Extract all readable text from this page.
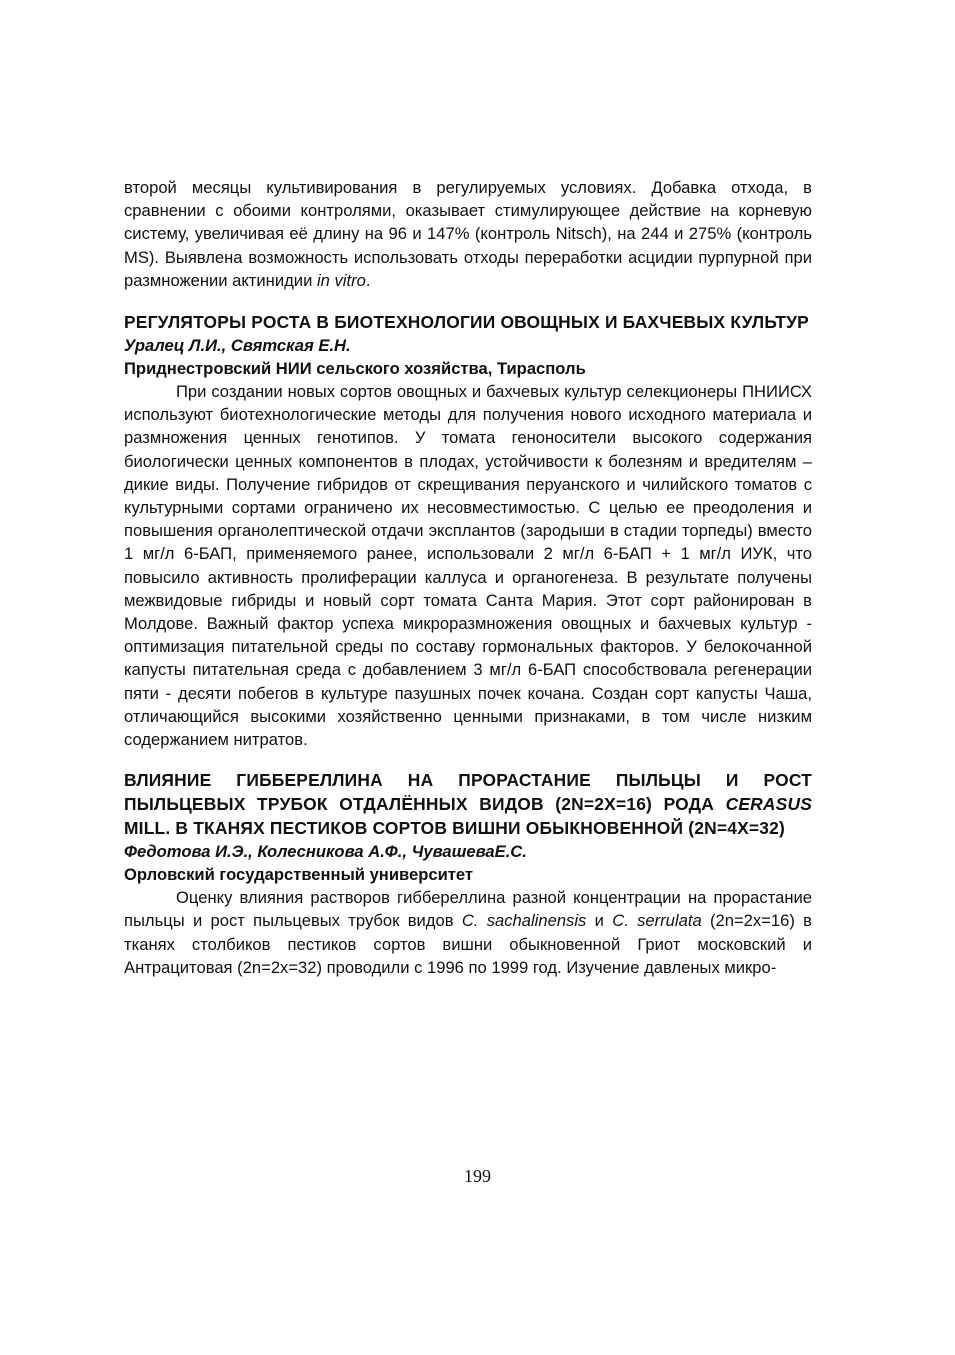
второй месяцы культивирования в регулируемых условиях. Добавка отхода, в сравнении с обоими контролями, оказывает стимулирующее действие на корневую систему, увеличивая её длину на 96 и 147% (контроль Nitsch), на 244 и 275% (контроль MS). Выявлена возможность использовать отходы переработки асцидии пурпурной при размножении актинидии in vitro.

РЕГУЛЯТОРЫ РОСТА В БИОТЕХНОЛОГИИ ОВОЩНЫХ И БАХЧЕВЫХ КУЛЬТУР

Уралец Л.И., Святская Е.Н.

Приднестровский НИИ сельского хозяйства, Тирасполь

При создании новых сортов овощных и бахчевых культур селекционеры ПНИИСХ используют биотехнологические методы для получения нового исходного материала и размножения ценных генотипов. У томата геноносители высокого содержания биологически ценных компонентов в плодах, устойчивости к болезням и вредителям – дикие виды. Получение гибридов от скрещивания перуанского и чилийского томатов с культурными сортами ограничено их несовместимостью. С целью ее преодоления и повышения органолептической отдачи эксплантов (зародыши в стадии торпеды) вместо 1 мг/л 6-БАП, применяемого ранее, использовали 2 мг/л 6-БАП + 1 мг/л ИУК, что повысило активность пролиферации каллуса и органогенеза. В результате получены межвидовые гибриды и новый сорт томата Санта Мария. Этот сорт районирован в Молдове. Важный фактор успеха микроразмножения овощных и бахчевых культур - оптимизация питательной среды по составу гормональных факторов. У белокочанной капусты питательная среда с добавлением 3 мг/л 6-БАП способствовала регенерации пяти - десяти побегов в культуре пазушных почек кочана. Создан сорт капусты Чаша, отличающийся высокими хозяйственно ценными признаками, в том числе низким содержанием нитратов.

ВЛИЯНИЕ ГИББЕРЕЛЛИНА НА ПРОРАСТАНИЕ ПЫЛЬЦЫ И РОСТ ПЫЛЬЦЕВЫХ ТРУБОК ОТДАЛЁННЫХ ВИДОВ (2N=2X=16) РОДА CERASUS MILL. В ТКАНЯХ ПЕСТИКОВ СОРТОВ ВИШНИ ОБЫКНОВЕННОЙ (2N=4X=32)

Федотова И.Э., Колесникова А.Ф., ЧувашеваЕ.С.

Орловский государственный университет

Оценку влияния растворов гиббереллина разной концентрации на прорастание пыльцы и рост пыльцевых трубок видов C. sachalinensis и C. serrulata (2n=2x=16) в тканях столбиков пестиков сортов вишни обыкновенной Гриот московский и Антрацитовая (2n=2x=32) проводили с 1996 по 1999 год. Изучение давленых микро-

199
